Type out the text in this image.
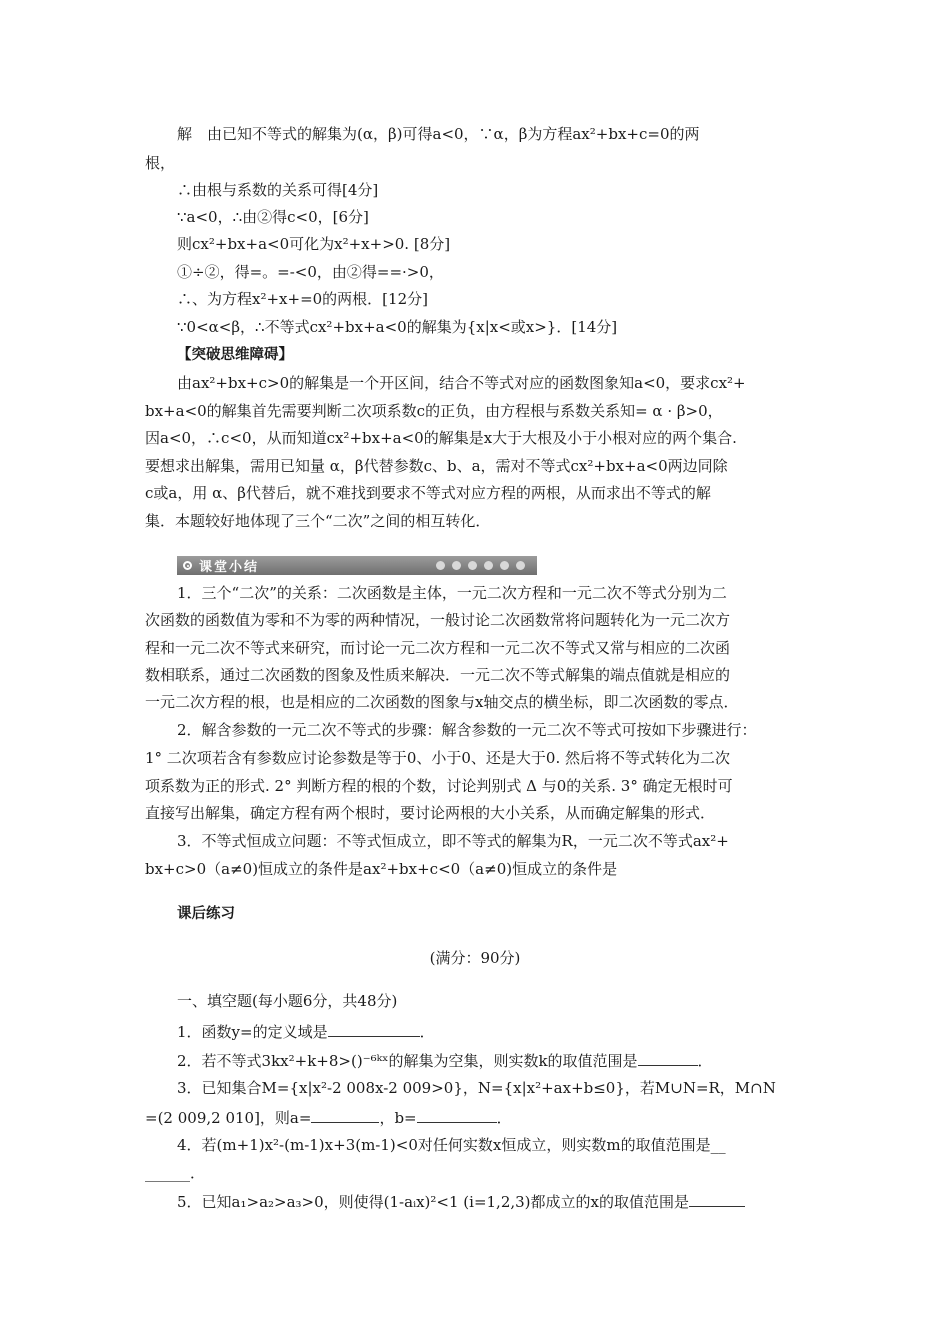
解　由已知不等式的解集为(α，β)可得a<0，∵α，β为方程ax²+bx+c=0的两
根，
∴由根与系数的关系可得[4分]
∵a<0，∴由②得c<0，[6分]
则cx²+bx+a<0可化为x²+x+>0. [8分]
①÷②，得=。=-<0，由②得==·>0，
∴、为方程x²+x+=0的两根．[12分]
∵0<α<β，∴不等式cx²+bx+a<0的解集为{x|x<或x>}．[14分]
【突破思维障碍】
由ax²+bx+c>0的解集是一个开区间，结合不等式对应的函数图象知a<0，要求cx²+
bx+a<0的解集首先需要判断二次项系数c的正负，由方程根与系数关系知= α · β>0，
因a<0，∴c<0，从而知道cx²+bx+a<0的解集是x大于大根及小于小根对应的两个集合.
要想求出解集，需用已知量 α，β代替参数c、b、a，需对不等式cx²+bx+a<0两边同除
c或a，用 α、β代替后，就不难找到要求不等式对应方程的两根，从而求出不等式的解
集．本题较好地体现了三个“二次”之间的相互转化．
课堂小结
1．三个“二次”的关系：二次函数是主体，一元二次方程和一元二次不等式分别为二
次函数的函数值为零和不为零的两种情况，一般讨论二次函数常将问题转化为一元二次方
程和一元二次不等式来研究，而讨论一元二次方程和一元二次不等式又常与相应的二次函
数相联系，通过二次函数的图象及性质来解决．一元二次不等式解集的端点值就是相应的
一元二次方程的根，也是相应的二次函数的图象与x轴交点的横坐标，即二次函数的零点．
2．解含参数的一元二次不等式的步骤：解含参数的一元二次不等式可按如下步骤进行：
1° 二次项若含有参数应讨论参数是等于0、小于0、还是大于0. 然后将不等式转化为二次
项系数为正的形式. 2° 判断方程的根的个数，讨论判别式 Δ 与0的关系. 3° 确定无根时可
直接写出解集，确定方程有两个根时，要讨论两根的大小关系，从而确定解集的形式．
3．不等式恒成立问题：不等式恒成立，即不等式的解集为R，一元二次不等式ax²+
bx+c>0（a≠0)恒成立的条件是ax²+bx+c<0（a≠0)恒成立的条件是
课后练习
(满分：90分)
一、填空题(每小题6分，共48分)
1．函数y=的定义域是	．
2．若不等式3kx²+k+8>()⁻⁶ᵏˣ的解集为空集，则实数k的取值范围是	．
3．已知集合M={x|x²-2 008x-2 009>0}，N={x|x²+ax+b≤0}，若M∪N=R，M∩N
=(2 009,2 010]，则a=	，b=	．
4．若(m+1)x²-(m-1)x+3(m-1)<0对任何实数x恒成立，则实数m的取值范围是__
______．
5．已知a₁>a₂>a₃>0，则使得(1-aᵢx)²<1 (i=1,2,3)都成立的x的取值范围是
